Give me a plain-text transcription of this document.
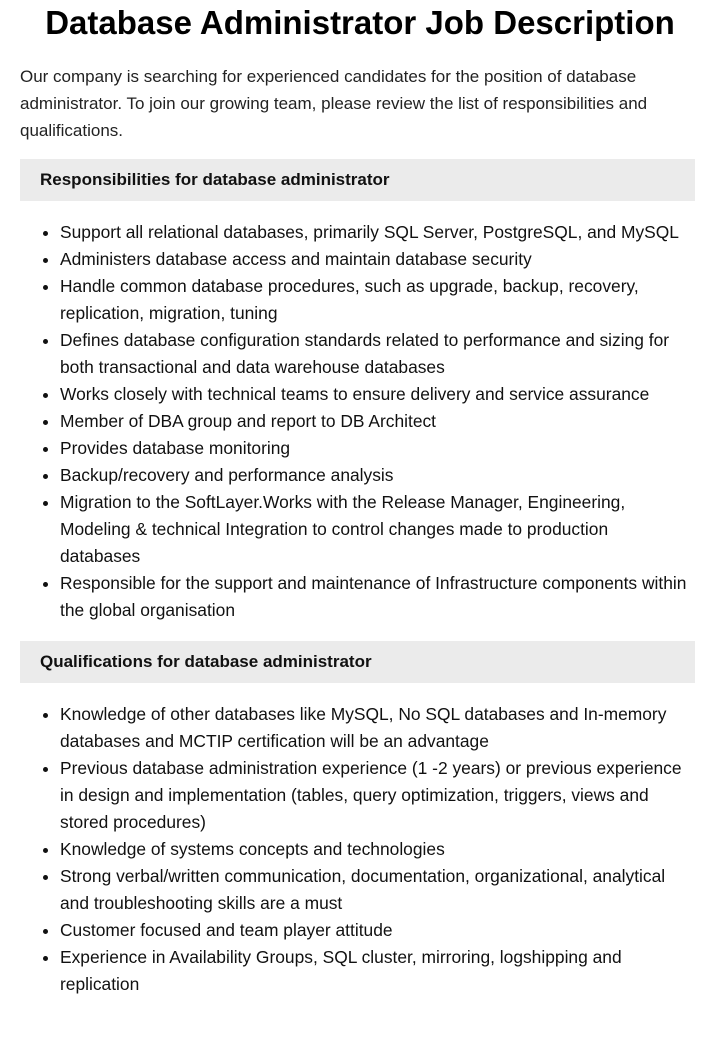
Database Administrator Job Description

Our company is searching for experienced candidates for the position of database administrator. To join our growing team, please review the list of responsibilities and qualifications.

Responsibilities for database administrator
• Support all relational databases, primarily SQL Server, PostgreSQL, and MySQL
• Administers database access and maintain database security
• Handle common database procedures, such as upgrade, backup, recovery, replication, migration, tuning
• Defines database configuration standards related to performance and sizing for both transactional and data warehouse databases
• Works closely with technical teams to ensure delivery and service assurance
• Member of DBA group and report to DB Architect
• Provides database monitoring
• Backup/recovery and performance analysis
• Migration to the SoftLayer.Works with the Release Manager, Engineering, Modeling & technical Integration to control changes made to production databases
• Responsible for the support and maintenance of Infrastructure components within the global organisation
Qualifications for database administrator
• Knowledge of other databases like MySQL, No SQL databases and In-memory databases and MCTIP certification will be an advantage
• Previous database administration experience (1 -2 years) or previous experience in design and implementation (tables, query optimization, triggers, views and stored procedures)
• Knowledge of systems concepts and technologies
• Strong verbal/written communication, documentation, organizational, analytical and troubleshooting skills are a must
• Customer focused and team player attitude
• Experience in Availability Groups, SQL cluster, mirroring, logshipping and replication
